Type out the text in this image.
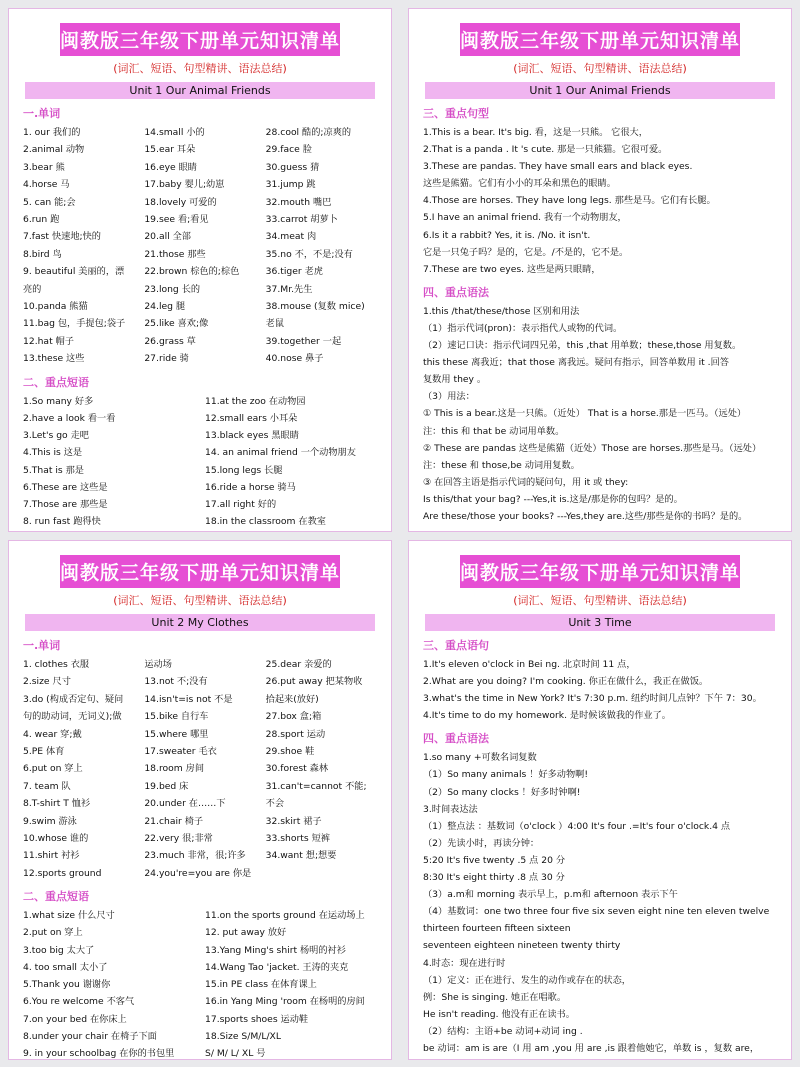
闽教版三年级下册单元知识清单
(词汇、短语、句型精讲、语法总结)
Unit 1 Our Animal Friends
一.单词
1. our 我们的
2.animal 动物
3.bear 熊
4.horse 马
5. can 能;会
6.run 跑
7.fast 快速地;快的
8.bird 鸟
9. beautiful 美丽的，漂
亮的
10.panda 熊猫
11.bag 包，手提包;袋子
12.hat 帽子
13.these 这些
14.small 小的
15.ear 耳朵
16.eye 眼睛
17.baby 婴儿;幼崽
18.lovely 可爱的
19.see 看;看见
20.all 全部
21.those 那些
22.brown 棕色的;棕色
23.long 长的
24.leg 腿
25.like 喜欢;像
26.grass 草
27.ride 骑
28.cool 酷的;凉爽的
29.face 脸
30.guess 猜
31.jump 跳
32.mouth 嘴巴
33.carrot 胡萝卜
34.meat 肉
35.no 不，不是;没有
36.tiger 老虎
37.Mr.先生
38.mouse (复数 mice)
老鼠
39.together 一起
40.nose 鼻子
二、重点短语
1.So many 好多
2.have a look 看一看
3.Let's go 走吧
4.This is 这是
5.That is 那是
6.These are 这些是
7.Those are 那些是
8. run fast 跑得快
11.at the zoo 在动物园
12.small ears 小耳朵
13.black eyes 黑眼睛
14. an animal friend 一个动物朋友
15.long legs 长腿
16.ride a horse 骑马
17.all right 好的
18.in the classroom 在教室
闽教版三年级下册单元知识清单
(词汇、短语、句型精讲、语法总结)
Unit 1 Our Animal Friends
三、重点句型
1.This is a bear. It's big. 看，这是一只熊。 它很大，
2.That is a panda . It 's cute. 那是一只熊猫。它很可爱。
3.These are pandas. They have small ears and black eyes.
这些是熊猫。它们有小小的耳朵和黑色的眼睛。
4.Those are horses. They have long legs. 那些是马。它们有长腿。
5.I have an animal friend. 我有一个动物朋友，
6.Is it a rabbit? Yes, it is. /No. it isn't.
它是一只兔子吗？是的，它是。/不是的，它不是。
7.These are two eyes. 这些是两只眼睛，
四、重点语法
1.this /that/these/those 区别和用法
（1）指示代词(pron)：表示指代人或物的代词。
（2）速记口诀：指示代词四兄弟，this ,that 用单数；these,those 用复数。
this these 离我近；that those 离我远。疑问有指示，回答单数用 it .回答
复数用 they 。
（3）用法：
① This is a bear.这是一只熊。（近处） That is a horse.那是一匹马。（远处）
注：this 和 that be 动词用单数。
② These are pandas 这些是熊猫（近处）Those are horses.那些是马。（远处）
注：these 和 those,be 动词用复数。
③ 在回答主语是指示代词的疑问句，用 it 或 they:
Is this/that your bag? ---Yes,it is.这是/那是你的包吗？是的。
Are these/those your books? ---Yes,they are.这些/那些是你的书吗？是的。
闽教版三年级下册单元知识清单
(词汇、短语、句型精讲、语法总结)
Unit 2 My Clothes
一.单词
1. clothes 衣服
2.size 尺寸
3.do (构成否定句、疑问
句的助动词，无词义);做
4. wear 穿;戴
5.PE 体育
6.put on 穿上
7. team 队
8.T-shirt T 恤衫
9.swim 游泳
10.whose 谁的
11.shirt 衬衫
12.sports ground
运动场
13.not 不;没有
14.isn't=is not 不是
15.bike 自行车
15.where 哪里
17.sweater 毛衣
18.room 房间
19.bed 床
20.under 在……下
21.chair 椅子
22.very 很;非常
23.much 非常，很;许多
24.you're=you are 你是
25.dear 亲爱的
26.put away 把某物收
拾起来(放好)
27.box 盒;箱
28.sport 运动
29.shoe 鞋
30.forest 森林
31.can't=cannot 不能;
不会
32.skirt 裙子
33.shorts 短裤
34.want 想;想要
二、重点短语
1.what size 什么尺寸
2.put on 穿上
3.too big 太大了
4. too small 太小了
5.Thank you 谢谢你
6.You re welcome 不客气
7.on your bed 在你床上
8.under your chair 在椅子下面
9. in your schoolbag 在你的书包里
11.on the sports ground 在运动场上
12. put away 放好
13.Yang Ming's shirt 杨明的衬衫
14.Wang Tao 'jacket. 王涛的夹克
15.in PE class 在体育课上
16.in Yang Ming 'room 在杨明的房间
17.sports shoes 运动鞋
18.Size S/M/L/XL
S/ M/ L/ XL 号
闽教版三年级下册单元知识清单
(词汇、短语、句型精讲、语法总结)
Unit 3 Time
三、重点语句
1.It's eleven o'clock in Bei ng. 北京时间 11 点，
2.What are you doing? I'm cooking. 你正在做什么，我正在做饭。
3.what's the time in New York? It's 7:30 p.m. 纽约时间几点钟？下午 7：30。
4.It's time to do my homework. 是时候该做我的作业了。
四、重点语法
1.so many +可数名词复数
（1）So many animals ！好多动物啊!
（2）So many clocks ！好多时钟啊!
3.时间表达法
（1）整点法 ：基数词（o'clock ）4:00 It's four .=It's four o'clock.4 点
（2）先读小时，再读分钟：
5:20 It's five twenty .5 点 20 分
8:30 It's eight thirty .8 点 30 分
（3）a.m和 morning 表示早上，p.m和 afternoon 表示下午
（4）基数词：one two three four five six seven eight nine ten eleven twelve
thirteen fourteen fifteen sixteen
seventeen eighteen nineteen twenty thirty
4.时态：现在进行时
（1）定义：正在进行、发生的动作或存在的状态，
例：She is singing. 她正在唱歌。
He isn't reading. 他没有正在读书。
（2）结构：主语+be 动词+动词 ing .
be 动词：am is are（I 用 am ,you 用 are ,is 跟着他她它，单数 is ，复数 are，
